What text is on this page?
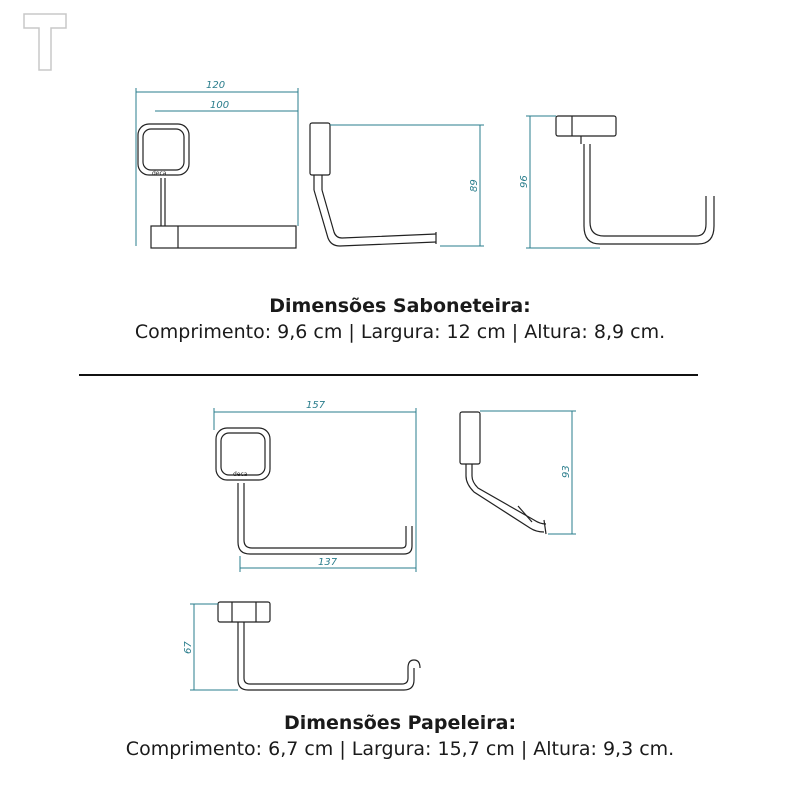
120
100
deca
89	96
157
deca
137
93
67
Dimensões Saboneteira:
Comprimento: 9,6 cm | Largura: 12 cm | Altura: 8,9 cm.
Dimensões Papeleira:
Comprimento: 6,7 cm | Largura: 15,7 cm | Altura: 9,3 cm.
